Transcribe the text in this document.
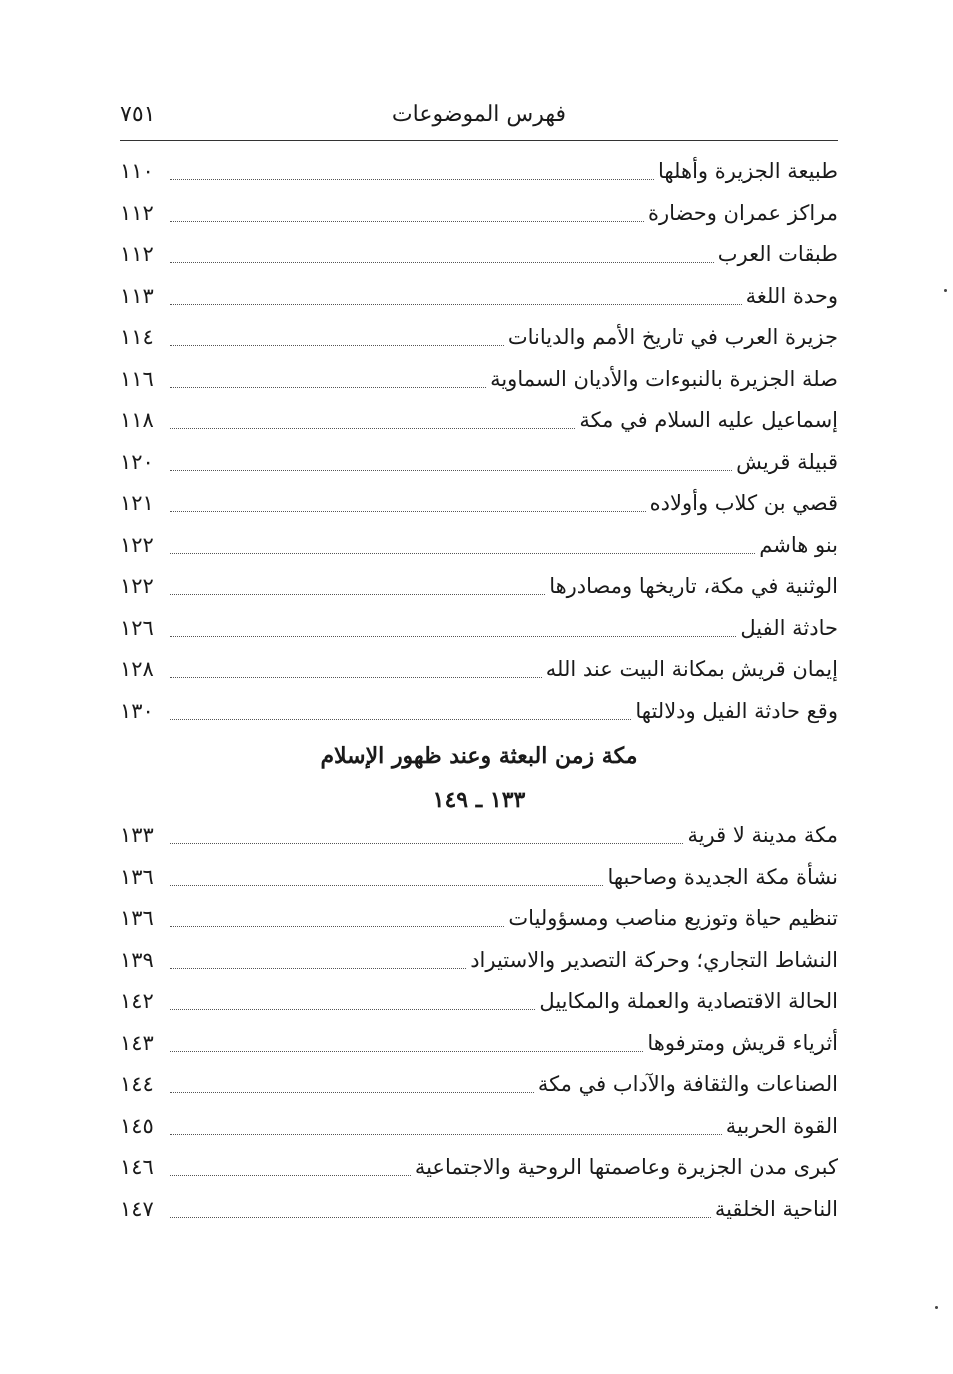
فهرس الموضوعات
٧٥١
طبيعة الجزيرة وأهلها
١١٠
مراكز عمران وحضارة
١١٢
طبقات العرب
١١٢
وحدة اللغة
١١٣
جزيرة العرب في تاريخ الأمم والديانات
١١٤
صلة الجزيرة بالنبوءات والأديان السماوية
١١٦
إسماعيل عليه السلام في مكة
١١٨
قبيلة قريش
١٢٠
قصي بن كلاب وأولاده
١٢١
بنو هاشم
١٢٢
الوثنية في مكة، تاريخها ومصادرها
١٢٢
حادثة الفيل
١٢٦
إيمان قريش بمكانة البيت عند الله
١٢٨
وقع حادثة الفيل ودلالتها
١٣٠
مكة زمن البعثة وعند ظهور الإسلام
١٣٣ ـ ١٤٩
مكة مدينة لا قرية
١٣٣
نشأة مكة الجديدة وصاحبها
١٣٦
تنظيم حياة وتوزيع مناصب ومسؤوليات
١٣٦
النشاط التجاري؛ وحركة التصدير والاستيراد
١٣٩
الحالة الاقتصادية والعملة والمكاييل
١٤٢
أثرياء قريش ومترفوها
١٤٣
الصناعات والثقافة والآداب في مكة
١٤٤
القوة الحربية
١٤٥
كبرى مدن الجزيرة وعاصمتها الروحية والاجتماعية
١٤٦
الناحية الخلقية
١٤٧
